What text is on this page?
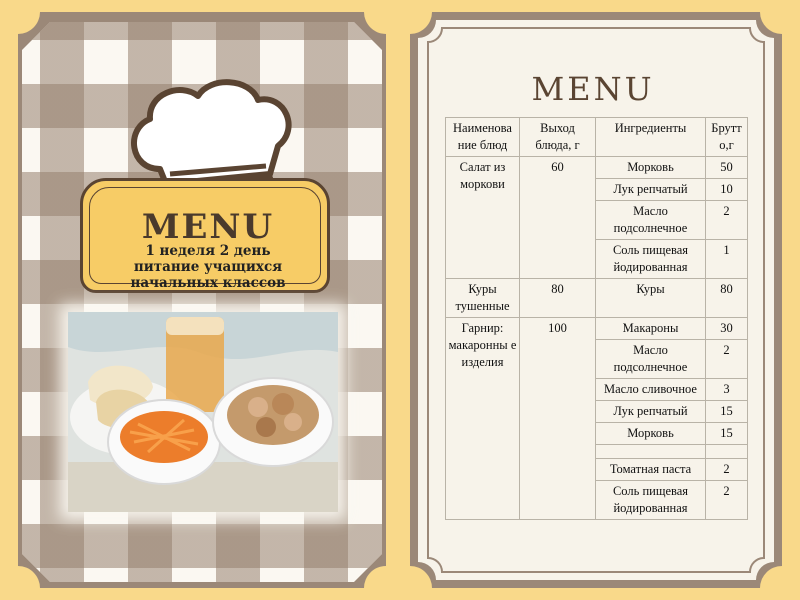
MENU
1 неделя 2 день
питание учащихся
начальных классов
MENU
Наименова ние блюд	Выход блюда, г	Ингредиенты	Брутт о,г
Салат из моркови	60	Морковь	50
		Лук репчатый	10
		Масло подсолнечное	2
		Соль пищевая йодированная	1
Куры тушенные	80	Куры	80
Гарнир: макаронны е изделия	100	Макароны	30
		Масло подсолнечное	2
		Масло сливочное	3
		Лук репчатый	15
		Морковь	15

		Томатная паста	2
		Соль пищевая йодированная	2
